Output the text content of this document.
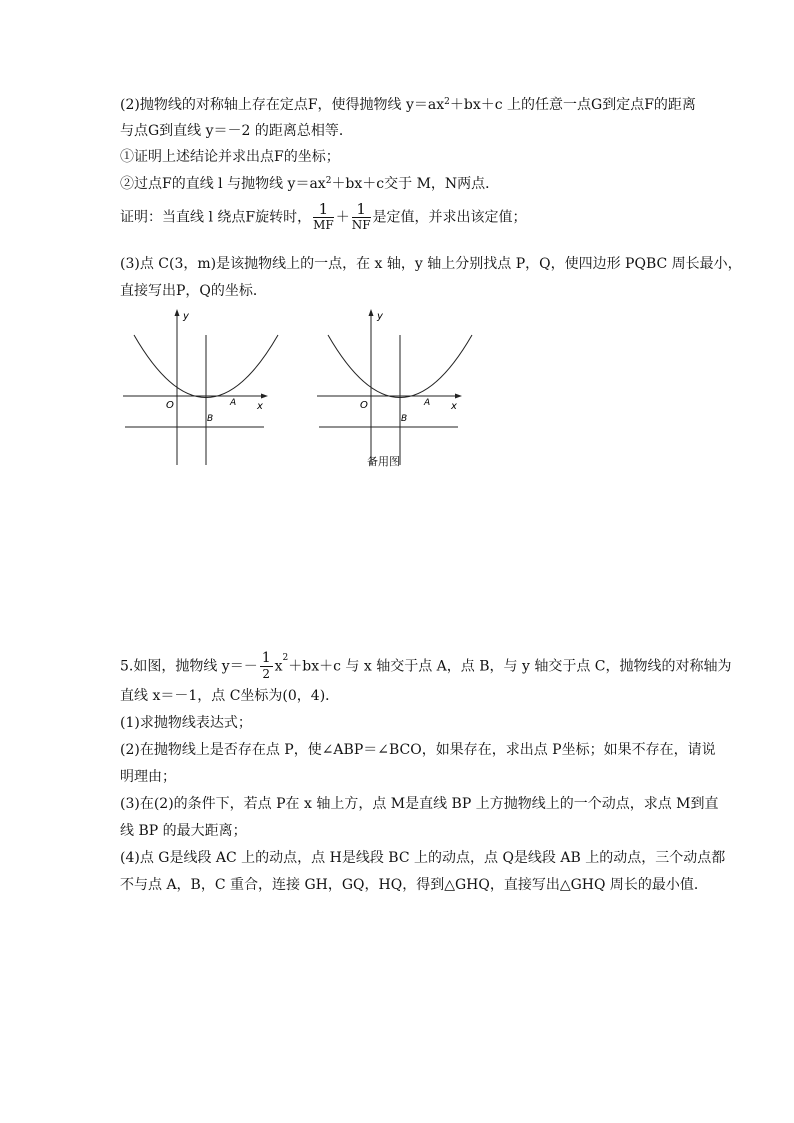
(2)抛物线的对称轴上存在定点F，使得抛物线 $y=ax^2+bx+c$ 上的任意一点G到定点F的距离
与点G到直线 y＝－2 的距离总相等．
①证明上述结论并求出点F的坐标；
②过点F的直线 l 与抛物线 $y=ax^2+bx+c$交于 M，N两点．
证明：当直线 l 绕点F旋转时， $\frac{1}{MF} + \frac{1}{NF}$ 是定值，并求出该定值；
(3)点 C(3，m)是该抛物线上的一点，在 x 轴，y 轴上分别找点 P，Q，使四边形 PQBC 周长最小，
直接写出P，Q的坐标．
y
x
O	A
B
y
x
O	A
B
备用图
5.如图，抛物线 $y=- \frac{1}{2} x^2+bx+c$ 与 x 轴交于点 A，点 B，与 y 轴交于点 C，抛物线的对称轴为
直线 x＝－1，点 C坐标为(0，4)．
(1)求抛物线表达式；
(2)在抛物线上是否存在点 P，使∠ABP＝∠BCO，如果存在，求出点 P坐标；如果不存在，请说
明理由；
(3)在(2)的条件下，若点 P在 x 轴上方，点 M是直线 BP 上方抛物线上的一个动点，求点 M到直
线 BP 的最大距离；
(4)点 G是线段 AC 上的动点，点 H是线段 BC 上的动点，点 Q是线段 AB 上的动点，三个动点都
不与点 A，B，C 重合，连接 GH，GQ，HQ，得到△GHQ，直接写出△GHQ 周长的最小值．
